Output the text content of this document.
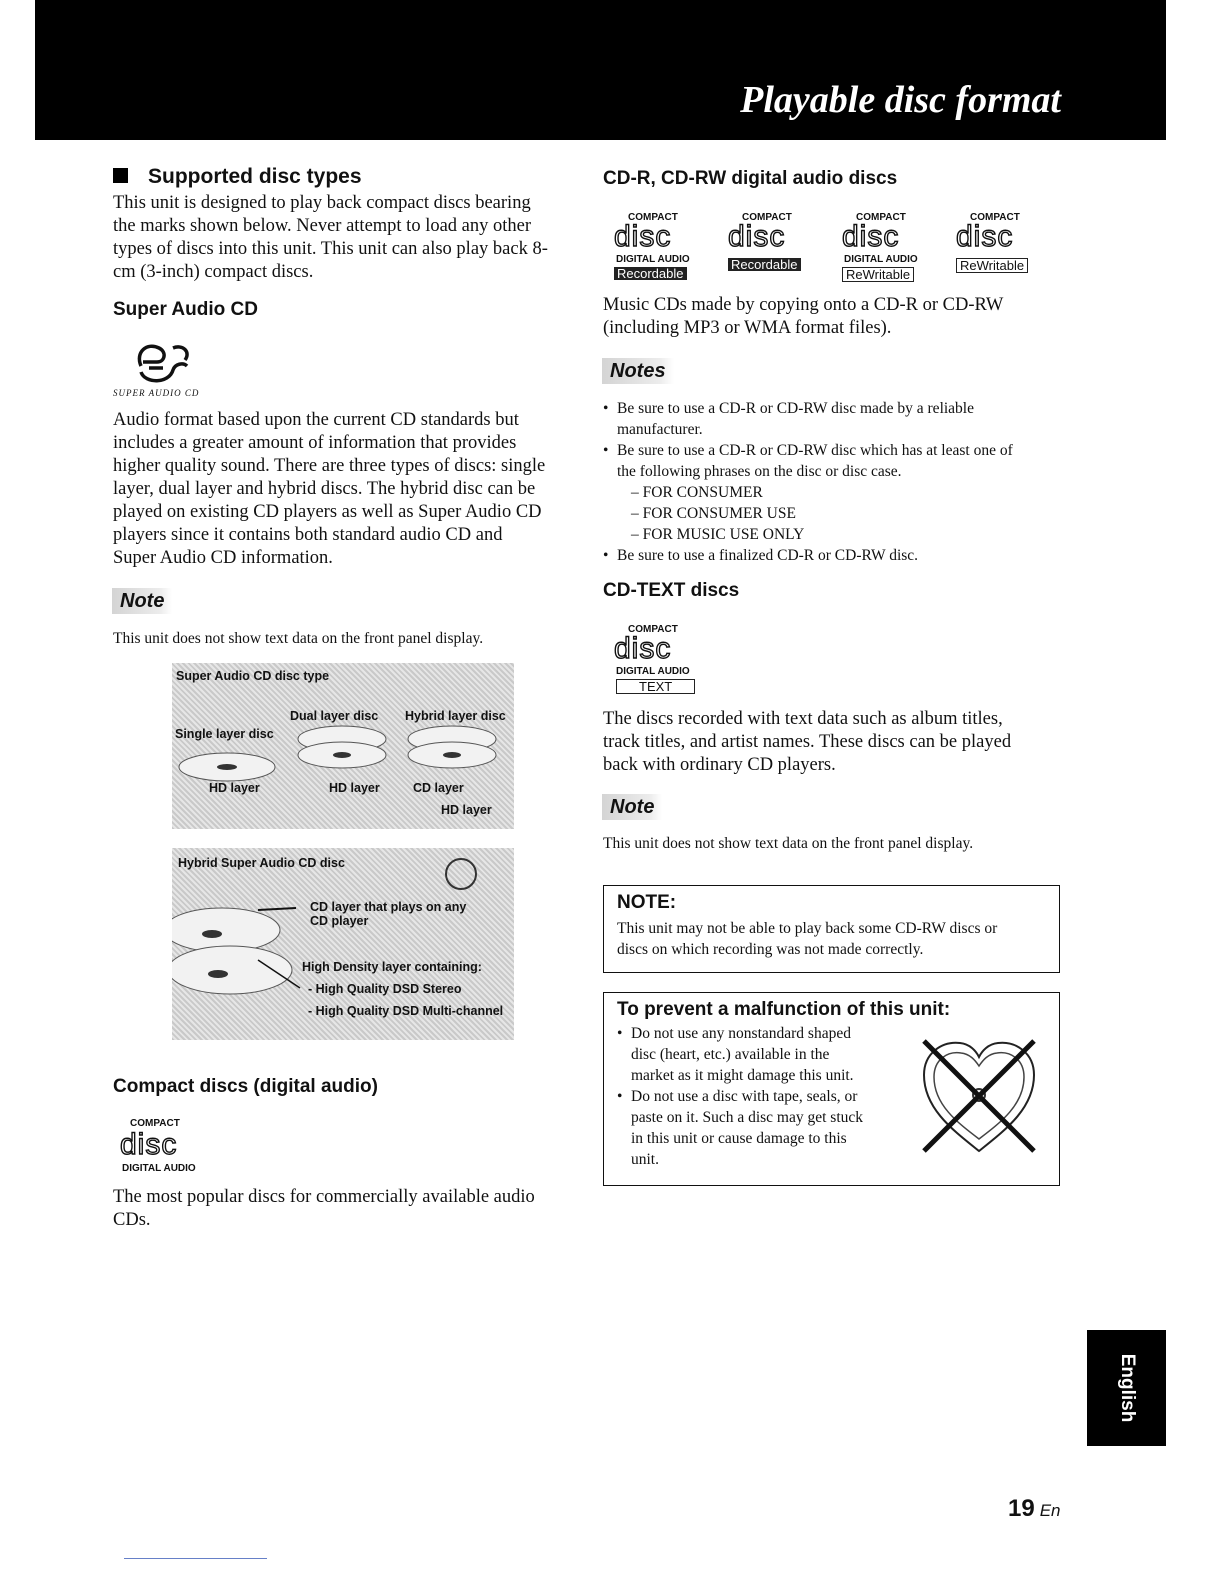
Playable disc format
Supported disc types
This unit is designed to play back compact discs bearing
the marks shown below. Never attempt to load any other
types of discs into this unit. This unit can also play back 8-
cm (3-inch) compact discs.
Super Audio CD
SUPER AUDIO CD
Audio format based upon the current CD standards but
includes a greater amount of information that provides
higher quality sound. There are three types of discs: single
layer, dual layer and hybrid discs. The hybrid disc can be
played on existing CD players as well as Super Audio CD
players since it contains both standard audio CD and
Super Audio CD information.
Note
This unit does not show text data on the front panel display.
Super Audio CD disc type
Dual layer disc Hybrid layer disc
Single layer disc
HD layer	HD layer	CD layer
HD layer
Hybrid Super Audio CD disc
CD layer that plays on any
CD player
High Density layer containing:
- High Quality DSD Stereo
- High Quality DSD Multi-channel
Compact discs (digital audio)
COMPACT
disc
DIGITAL AUDIO
The most popular discs for commercially available audio
CDs.
CD-R, CD-RW digital audio discs
COMPACT
disc
DIGITAL AUDIO
Recordable
COMPACT
disc
Recordable
COMPACT
disc
DIGITAL AUDIO
ReWritable
COMPACT
disc
ReWritable
Music CDs made by copying onto a CD-R or CD-RW
(including MP3 or WMA format files).
Notes
• Be sure to use a CD-R or CD-RW disc made by a reliable
manufacturer.
• Be sure to use a CD-R or CD-RW disc which has at least one of
the following phrases on the disc or disc case.
– FOR CONSUMER
– FOR CONSUMER USE
– FOR MUSIC USE ONLY
• Be sure to use a finalized CD-R or CD-RW disc.
CD-TEXT discs
COMPACT
disc
DIGITAL AUDIO
TEXT
The discs recorded with text data such as album titles,
track titles, and artist names. These discs can be played
back with ordinary CD players.
Note
This unit does not show text data on the front panel display.
NOTE:
This unit may not be able to play back some CD-RW discs or
discs on which recording was not made correctly.
To prevent a malfunction of this unit:
• Do not use any nonstandard shaped
disc (heart, etc.) available in the
market as it might damage this unit.
• Do not use a disc with tape, seals, or
paste on it. Such a disc may get stuck
in this unit or cause damage to this
unit.
English
19 En
